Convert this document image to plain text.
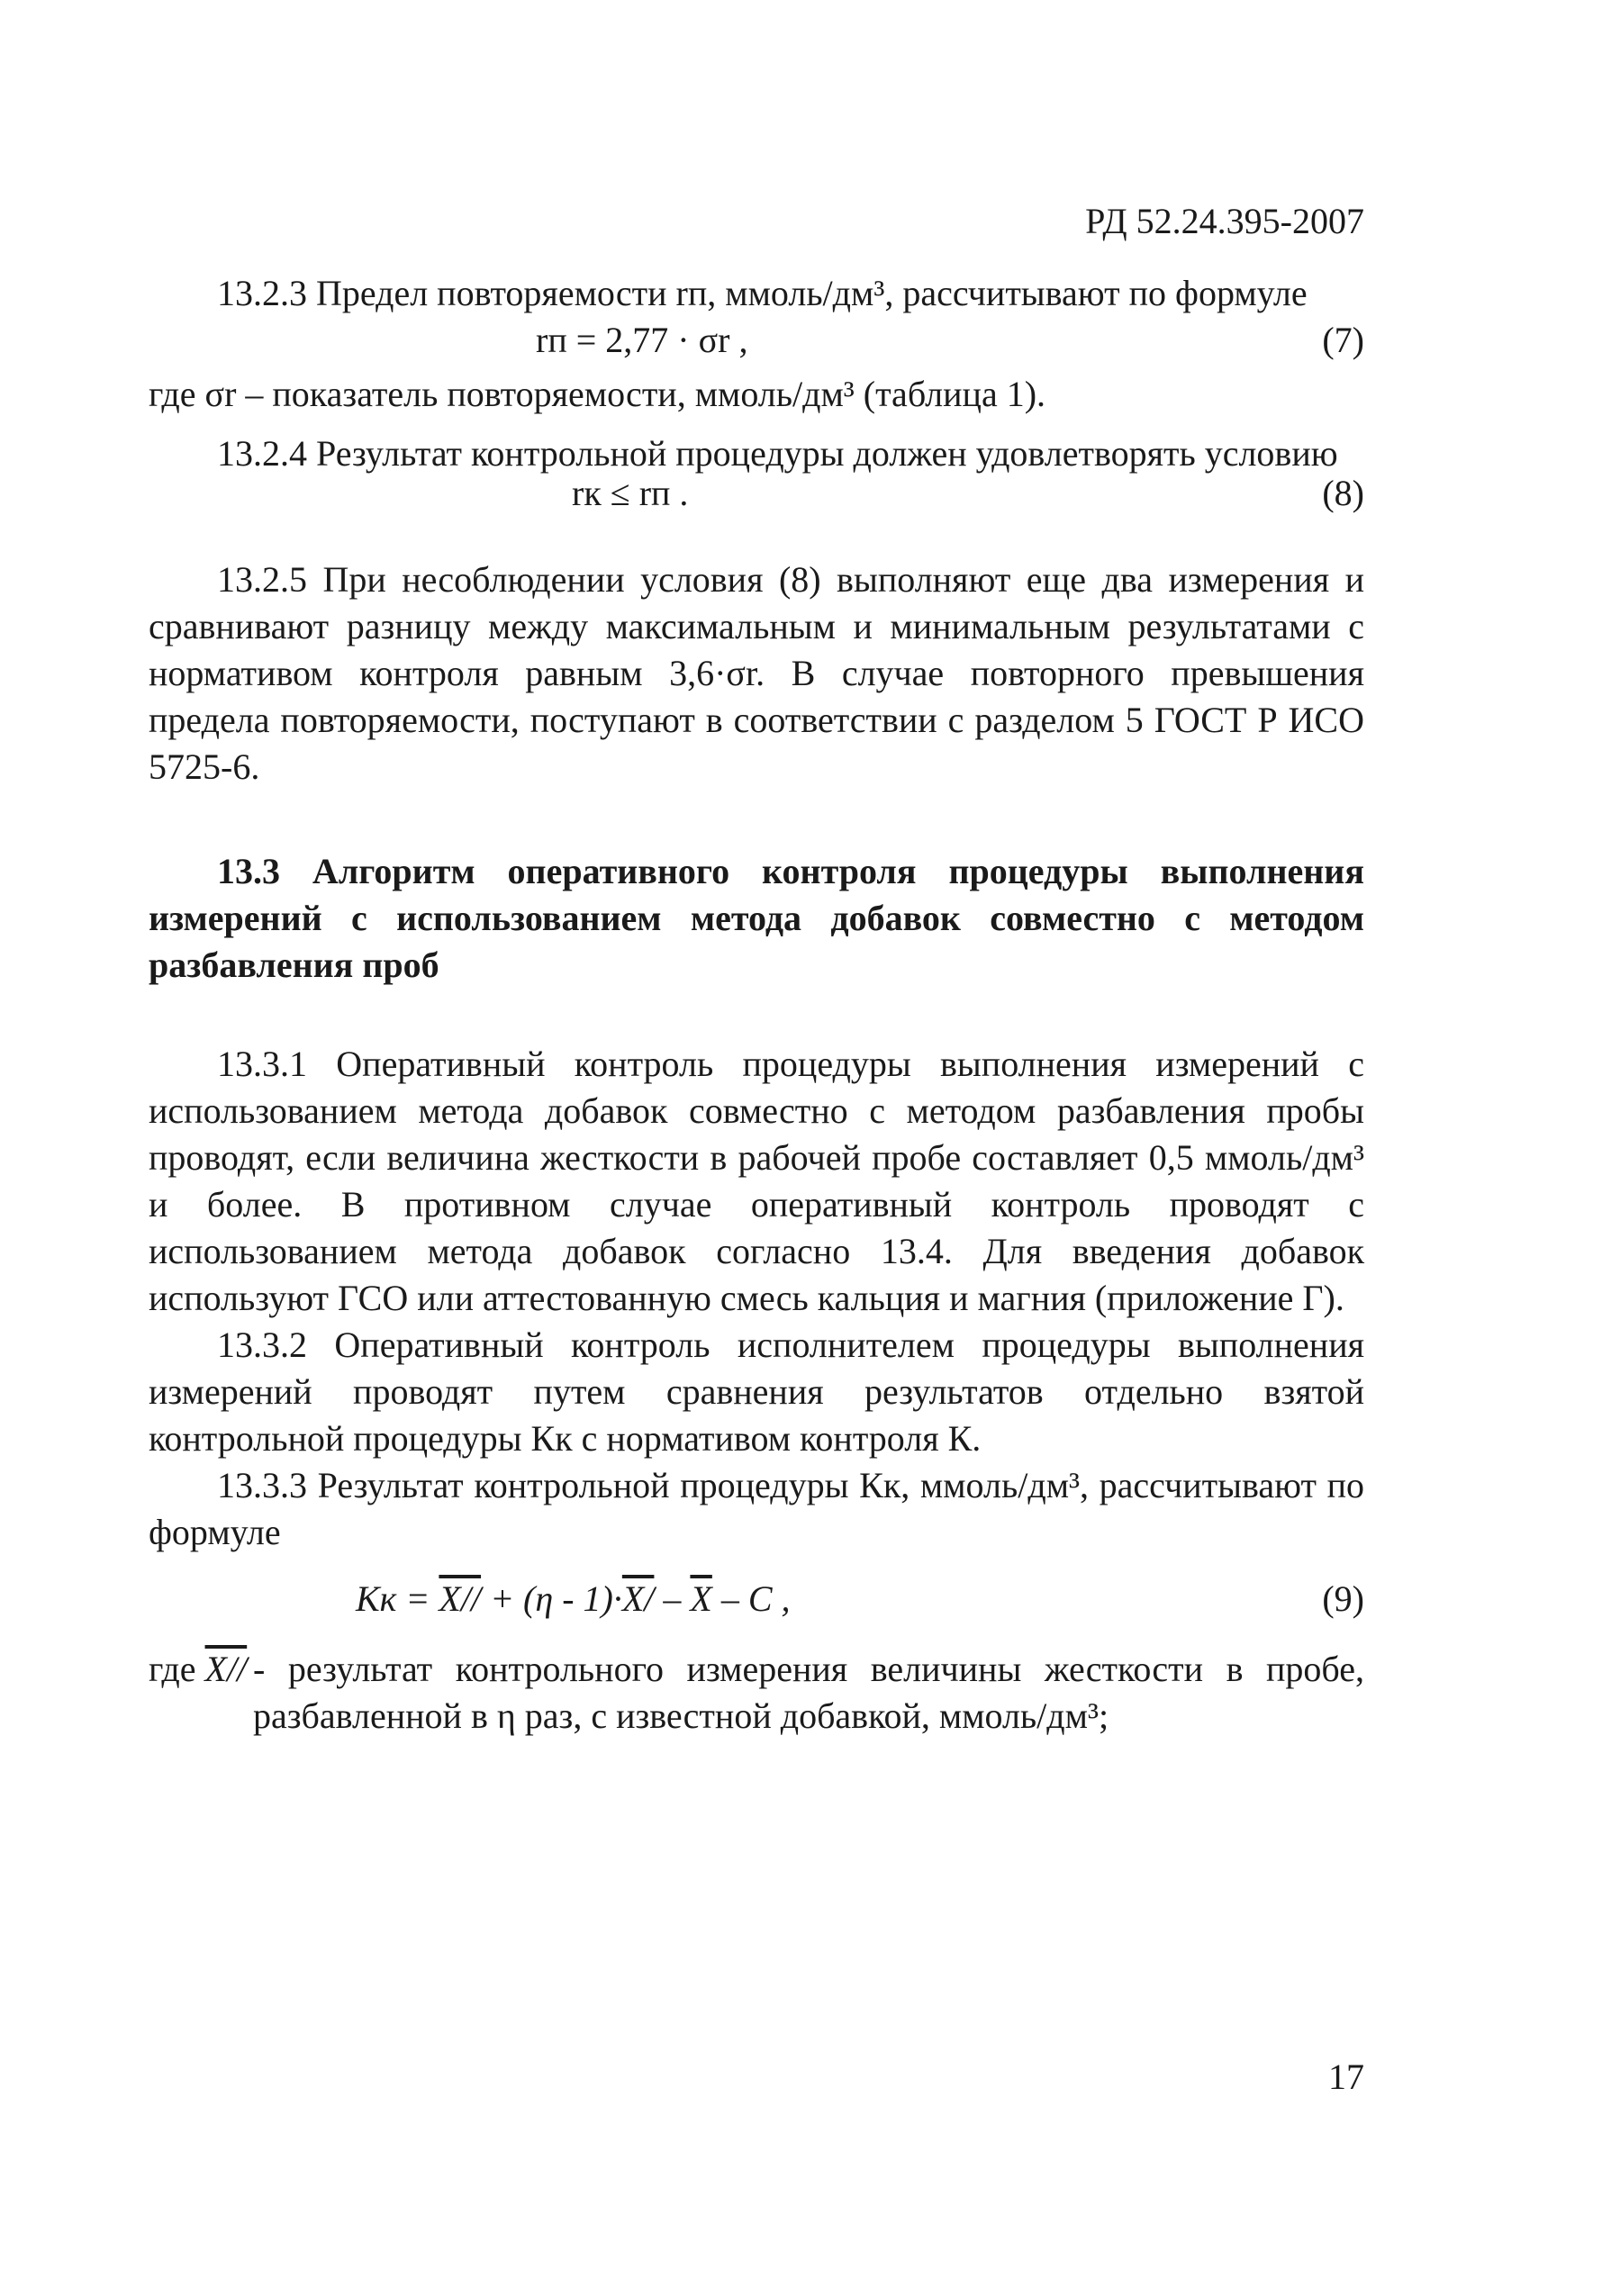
РД 52.24.395-2007

13.2.3 Предел повторяемости rп, ммоль/дм³, рассчитывают по формуле

rп = 2,77 · σr ,	(7)

где σr – показатель повторяемости, ммоль/дм³ (таблица 1).

13.2.4 Результат контрольной процедуры должен удовлетворять условию

rк ≤ rп .	(8)

13.2.5 При несоблюдении условия (8) выполняют еще два измерения и сравнивают разницу между максимальным и минимальным результатами с нормативом контроля равным 3,6·σr. В случае повторного превышения предела повторяемости, поступают в соответствии с разделом 5 ГОСТ Р ИСО 5725-6.

13.3 Алгоритм оперативного контроля процедуры выполнения измерений с использованием метода добавок совместно с методом разбавления проб

13.3.1 Оперативный контроль процедуры выполнения измерений с использованием метода добавок совместно с методом разбавления пробы проводят, если величина жесткости в рабочей пробе составляет 0,5 ммоль/дм³ и более. В противном случае оперативный контроль проводят с использованием метода добавок согласно 13.4. Для введения добавок используют ГСО или аттестованную смесь кальция и магния (приложение Г).

13.3.2 Оперативный контроль исполнителем процедуры выполнения измерений проводят путем сравнения результатов отдельно взятой контрольной процедуры Кк с нормативом контроля К.

13.3.3 Результат контрольной процедуры Кк, ммоль/дм³, рассчитывают по формуле

Kк = $X// + (\eta - 1)\cdot X/ - \overline{X} - C$ ,	(9)
где X// - результат контрольного измерения величины жесткости в пробе, разбавленной в η раз, с известной добавкой, ммоль/дм³;
17
